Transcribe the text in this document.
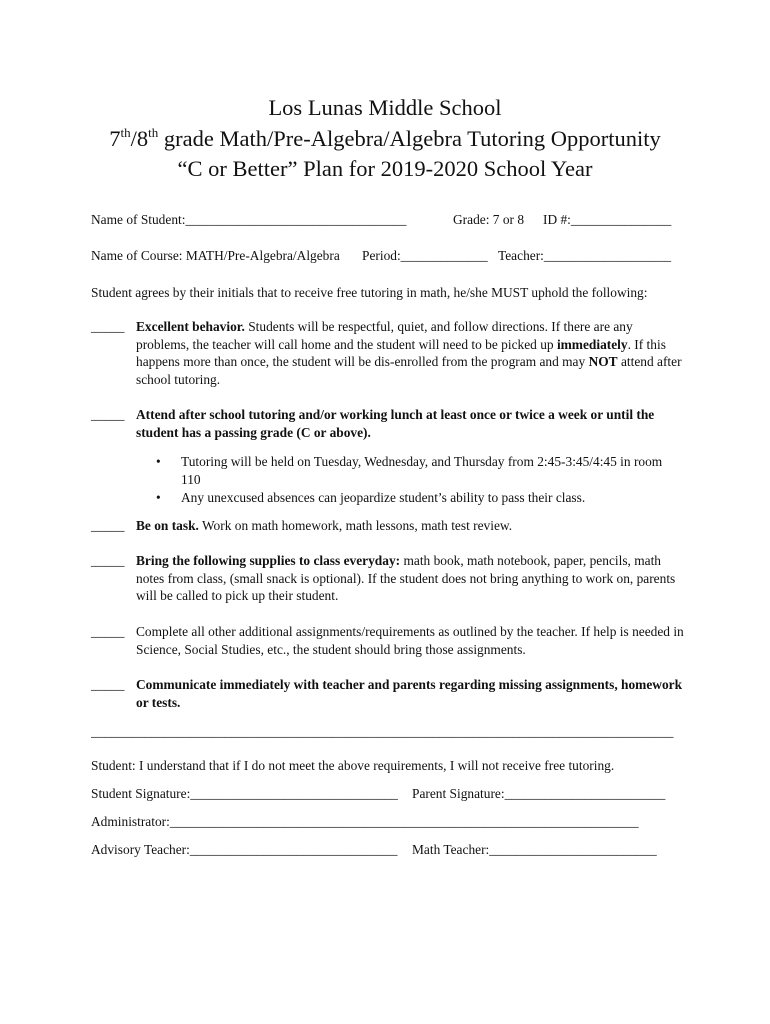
Los Lunas Middle School
7th/8th grade Math/Pre-Algebra/Algebra Tutoring Opportunity
“C or Better” Plan for 2019-2020 School Year
Name of Student:_________________________________	Grade: 7 or 8 ID #:_______________
Name of Course: MATH/Pre-Algebra/Algebra Period:_____________ Teacher:___________________
Student agrees by their initials that to receive free tutoring in math, he/she MUST uphold the following:
_____ Excellent behavior. Students will be respectful, quiet, and follow directions. If there are any problems, the teacher will call home and the student will need to be picked up immediately. If this happens more than once, the student will be dis-enrolled from the program and may NOT attend after school tutoring.

_____ Attend after school tutoring and/or working lunch at least once or twice a week or until the student has a passing grade (C or above).

• Tutoring will be held on Tuesday, Wednesday, and Thursday from 2:45-3:45/4:45 in room 110
• Any unexcused absences can jeopardize student’s ability to pass their class.
_____ Be on task. Work on math homework, math lessons, math test review.

_____ Bring the following supplies to class everyday: math book, math notebook, paper, pencils, math notes from class, (small snack is optional). If the student does not bring anything to work on, parents will be called to pick up their student.

_____ Complete all other additional assignments/requirements as outlined by the teacher. If help is needed in Science, Social Studies, etc., the student should bring those assignments.

_____ Communicate immediately with teacher and parents regarding missing assignments, homework or tests.

_______________________________________________________________________________________
Student: I understand that if I do not meet the above requirements, I will not receive free tutoring.
Student Signature:_______________________________ Parent Signature:________________________
Administrator:______________________________________________________________________
Advisory Teacher:_______________________________ Math Teacher:_________________________
